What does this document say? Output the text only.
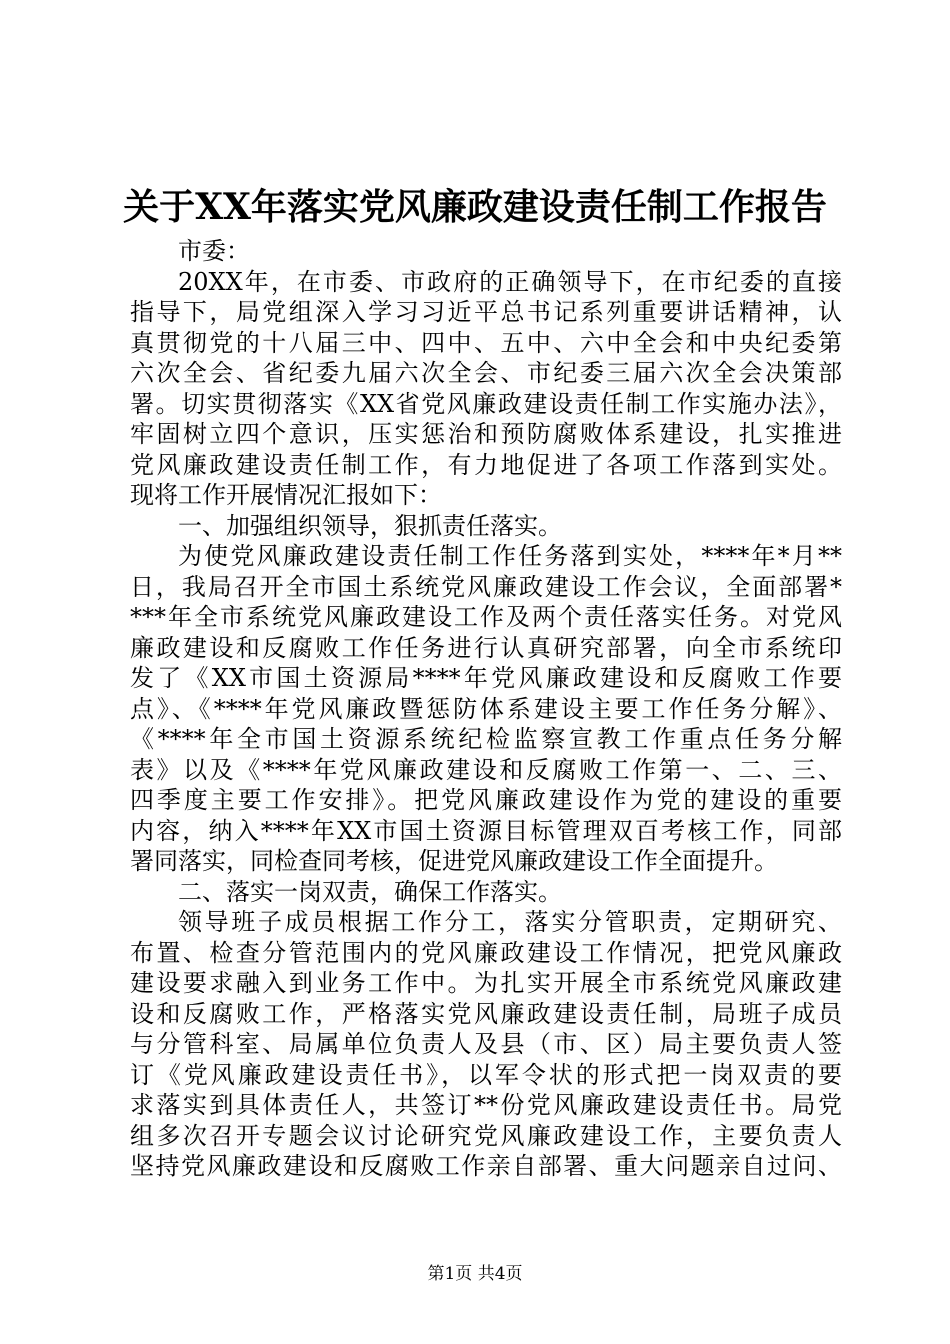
关于XX年落实党风廉政建设责任制工作报告
市委：
20XX年，在市委、市政府的正确领导下，在市纪委的直接
指导下，局党组深入学习习近平总书记系列重要讲话精神，认
真贯彻党的十八届三中、四中、五中、六中全会和中央纪委第
六次全会、省纪委九届六次全会、市纪委三届六次全会决策部
署。切实贯彻落实《XX省党风廉政建设责任制工作实施办法》，
牢固树立四个意识，压实惩治和预防腐败体系建设，扎实推进
党风廉政建设责任制工作，有力地促进了各项工作落到实处。
现将工作开展情况汇报如下：
一、加强组织领导，狠抓责任落实。
为使党风廉政建设责任制工作任务落到实处，****年*月**
日，我局召开全市国土系统党风廉政建设工作会议，全面部署*
***年全市系统党风廉政建设工作及两个责任落实任务。对党风
廉政建设和反腐败工作任务进行认真研究部署，向全市系统印
发了《XX市国土资源局****年党风廉政建设和反腐败工作要
点》、《****年党风廉政暨惩防体系建设主要工作任务分解》、
《****年全市国土资源系统纪检监察宣教工作重点任务分解
表》以及《****年党风廉政建设和反腐败工作第一、二、三、
四季度主要工作安排》。把党风廉政建设作为党的建设的重要
内容，纳入****年XX市国土资源目标管理双百考核工作，同部
署同落实，同检查同考核，促进党风廉政建设工作全面提升。
二、落实一岗双责，确保工作落实。
领导班子成员根据工作分工，落实分管职责，定期研究、
布置、检查分管范围内的党风廉政建设工作情况，把党风廉政
建设要求融入到业务工作中。为扎实开展全市系统党风廉政建
设和反腐败工作，严格落实党风廉政建设责任制，局班子成员
与分管科室、局属单位负责人及县（市、区）局主要负责人签
订《党风廉政建设责任书》，以军令状的形式把一岗双责的要
求落实到具体责任人，共签订**份党风廉政建设责任书。局党
组多次召开专题会议讨论研究党风廉政建设工作，主要负责人
坚持党风廉政建设和反腐败工作亲自部署、重大问题亲自过问、
第1页 共4页
